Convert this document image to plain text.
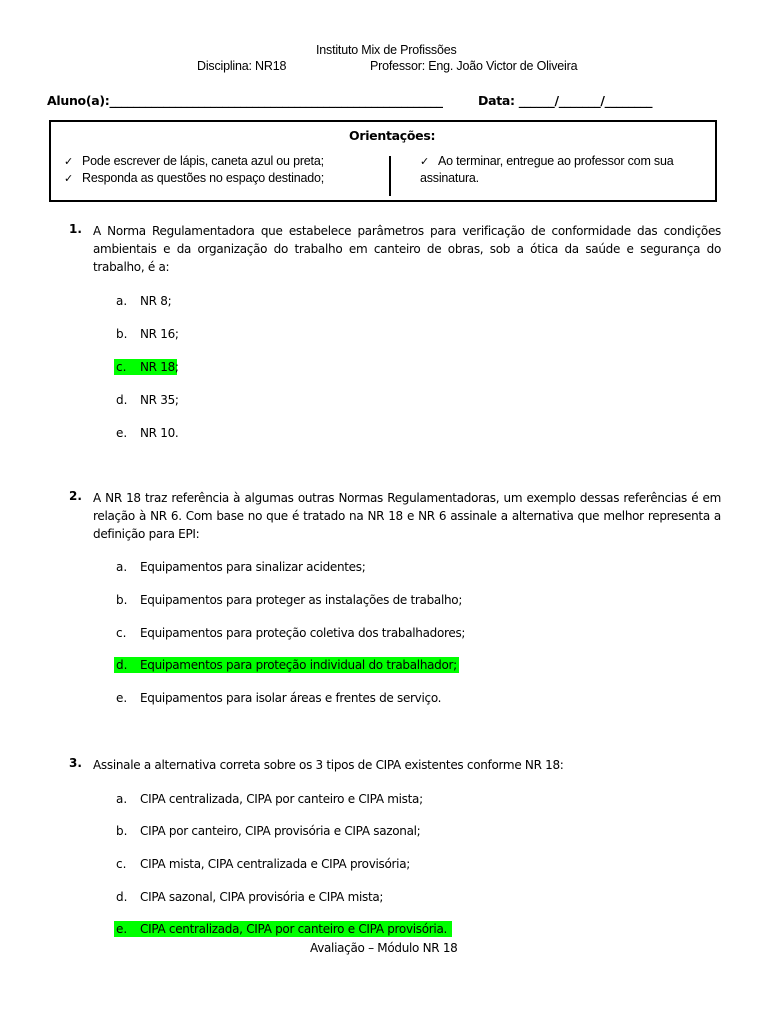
Instituto Mix de Profissões
Disciplina: NR18	Professor: Eng. João Victor de Oliveira
Aluno(a):________________________________________________________	Data: ______/_______/________
Orientações:
✓ Pode escrever de lápis, caneta azul ou preta;
✓ Responda as questões no espaço destinado;
✓ Ao terminar, entregue ao professor com sua
assinatura.
1. A Norma Regulamentadora que estabelece parâmetros para verificação de conformidade das condições ambientais e da organização do trabalho em canteiro de obras, sob a ótica da saúde e segurança do trabalho, é a:
a. NR 8;
b. NR 16;
c. NR 18;
d. NR 35;
e. NR 10.
2. A NR 18 traz referência à algumas outras Normas Regulamentadoras, um exemplo dessas referências é em relação à NR 6. Com base no que é tratado na NR 18 e NR 6 assinale a alternativa que melhor representa a definição para EPI:
a. Equipamentos para sinalizar acidentes;
b. Equipamentos para proteger as instalações de trabalho;
c. Equipamentos para proteção coletiva dos trabalhadores;
d. Equipamentos para proteção individual do trabalhador;
e. Equipamentos para isolar áreas e frentes de serviço.
3. Assinale a alternativa correta sobre os 3 tipos de CIPA existentes conforme NR 18:
a. CIPA centralizada, CIPA por canteiro e CIPA mista;
b. CIPA por canteiro, CIPA provisória e CIPA sazonal;
c. CIPA mista, CIPA centralizada e CIPA provisória;
d. CIPA sazonal, CIPA provisória e CIPA mista;
e. CIPA centralizada, CIPA por canteiro e CIPA provisória.
Avaliação – Módulo NR 18
